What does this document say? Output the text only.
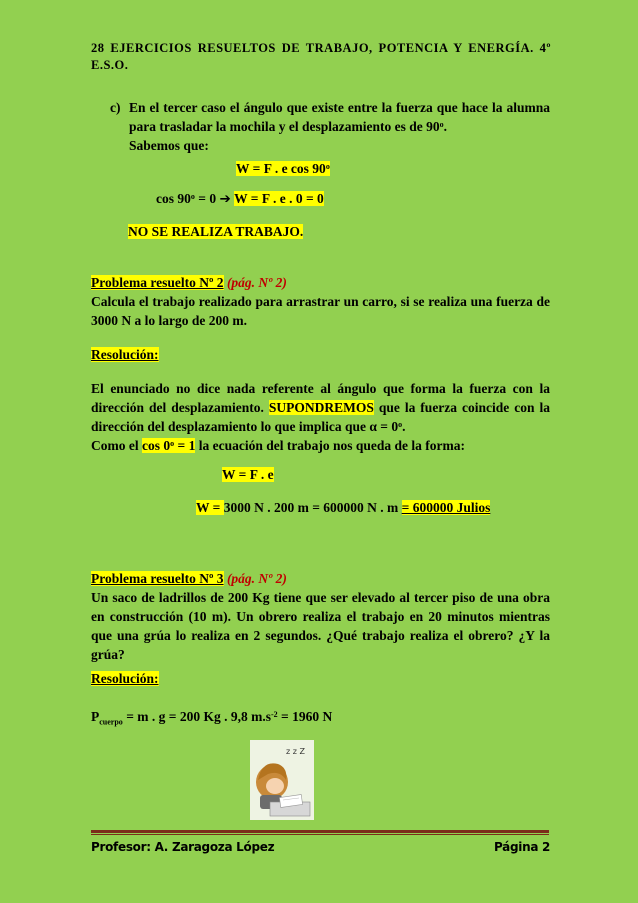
28 EJERCICIOS RESUELTOS DE TRABAJO, POTENCIA Y ENERGÍA. 4º E.S.O.
c) En el tercer caso el ángulo que existe entre la fuerza que hace la alumna para trasladar la mochila y el desplazamiento es de 90$^o$.
Sabemos que:
W = F . e cos 90$^o$
$\cos 90^o = 0$ ➔ W = F . e . 0 = 0
NO SE REALIZA TRABAJO.
Problema resuelto Nº 2 (pág. Nº 2)
Calcula el trabajo realizado para arrastrar un carro, si se realiza una fuerza de 3000 N a lo largo de 200 m.
Resolución:
El enunciado no dice nada referente al ángulo que forma la fuerza con la dirección del desplazamiento. SUPONDREMOS que la fuerza coincide con la dirección del desplazamiento lo que implica que $\alpha = 0^o$.
Como el $\cos 0^o = 1$ la ecuación del trabajo nos queda de la forma:
W = F . e
W = 3000 N . 200 m = 600000 N . m = 600000 Julios
Problema resuelto Nº 3 (pág. Nº 2)
Un saco de ladrillos de 200 Kg tiene que ser elevado al tercer piso de una obra en construcción (10 m). Un obrero realiza el trabajo en 20 minutos mientras que una grúa lo realiza en 2 segundos. ¿Qué trabajo realiza el obrero? ¿Y la grúa?
Resolución:
$P_{cuerpo} = m$ . g = 200 Kg . 9,8 $m.s^{-2} = 1960$ N
z z Z
Profesor: A. Zaragoza López	Página 2
